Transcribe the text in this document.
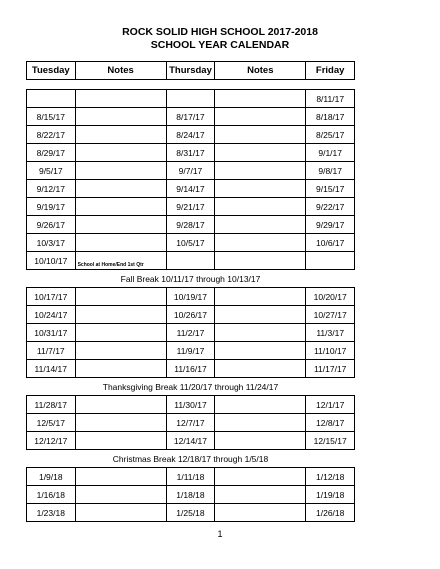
ROCK SOLID HIGH SCHOOL 2017-2018
SCHOOL YEAR CALENDAR
Tuesday	Notes	Thursday	Notes	Friday

				8/11/17
8/15/17		8/17/17		8/18/17
8/22/17		8/24/17		8/25/17
8/29/17		8/31/17		9/1/17
9/5/17		9/7/17		9/8/17
9/12/17		9/14/17		9/15/17
9/19/17		9/21/17		9/22/17
9/26/17		9/28/17		9/29/17
10/3/17		10/5/17		10/6/17
10/10/17	School at Home/End 1st Qtr			

Fall Break 10/11/17 through 10/13/17				
10/17/17		10/19/17		10/20/17
10/24/17		10/26/17		10/27/17
10/31/17		11/2/17		11/3/17
11/7/17		11/9/17		11/10/17
11/14/17		11/16/17		11/17/17
Thanksgiving Break 11/20/17 through 11/24/17				
11/28/17		11/30/17		12/1/17
12/5/17		12/7/17		12/8/17
12/12/17		12/14/17		12/15/17
Christmas Break 12/18/17 through 1/5/18				
1/9/18		1/11/18		1/12/18
1/16/18		1/18/18		1/19/18
1/23/18		1/25/18		1/26/18
1
